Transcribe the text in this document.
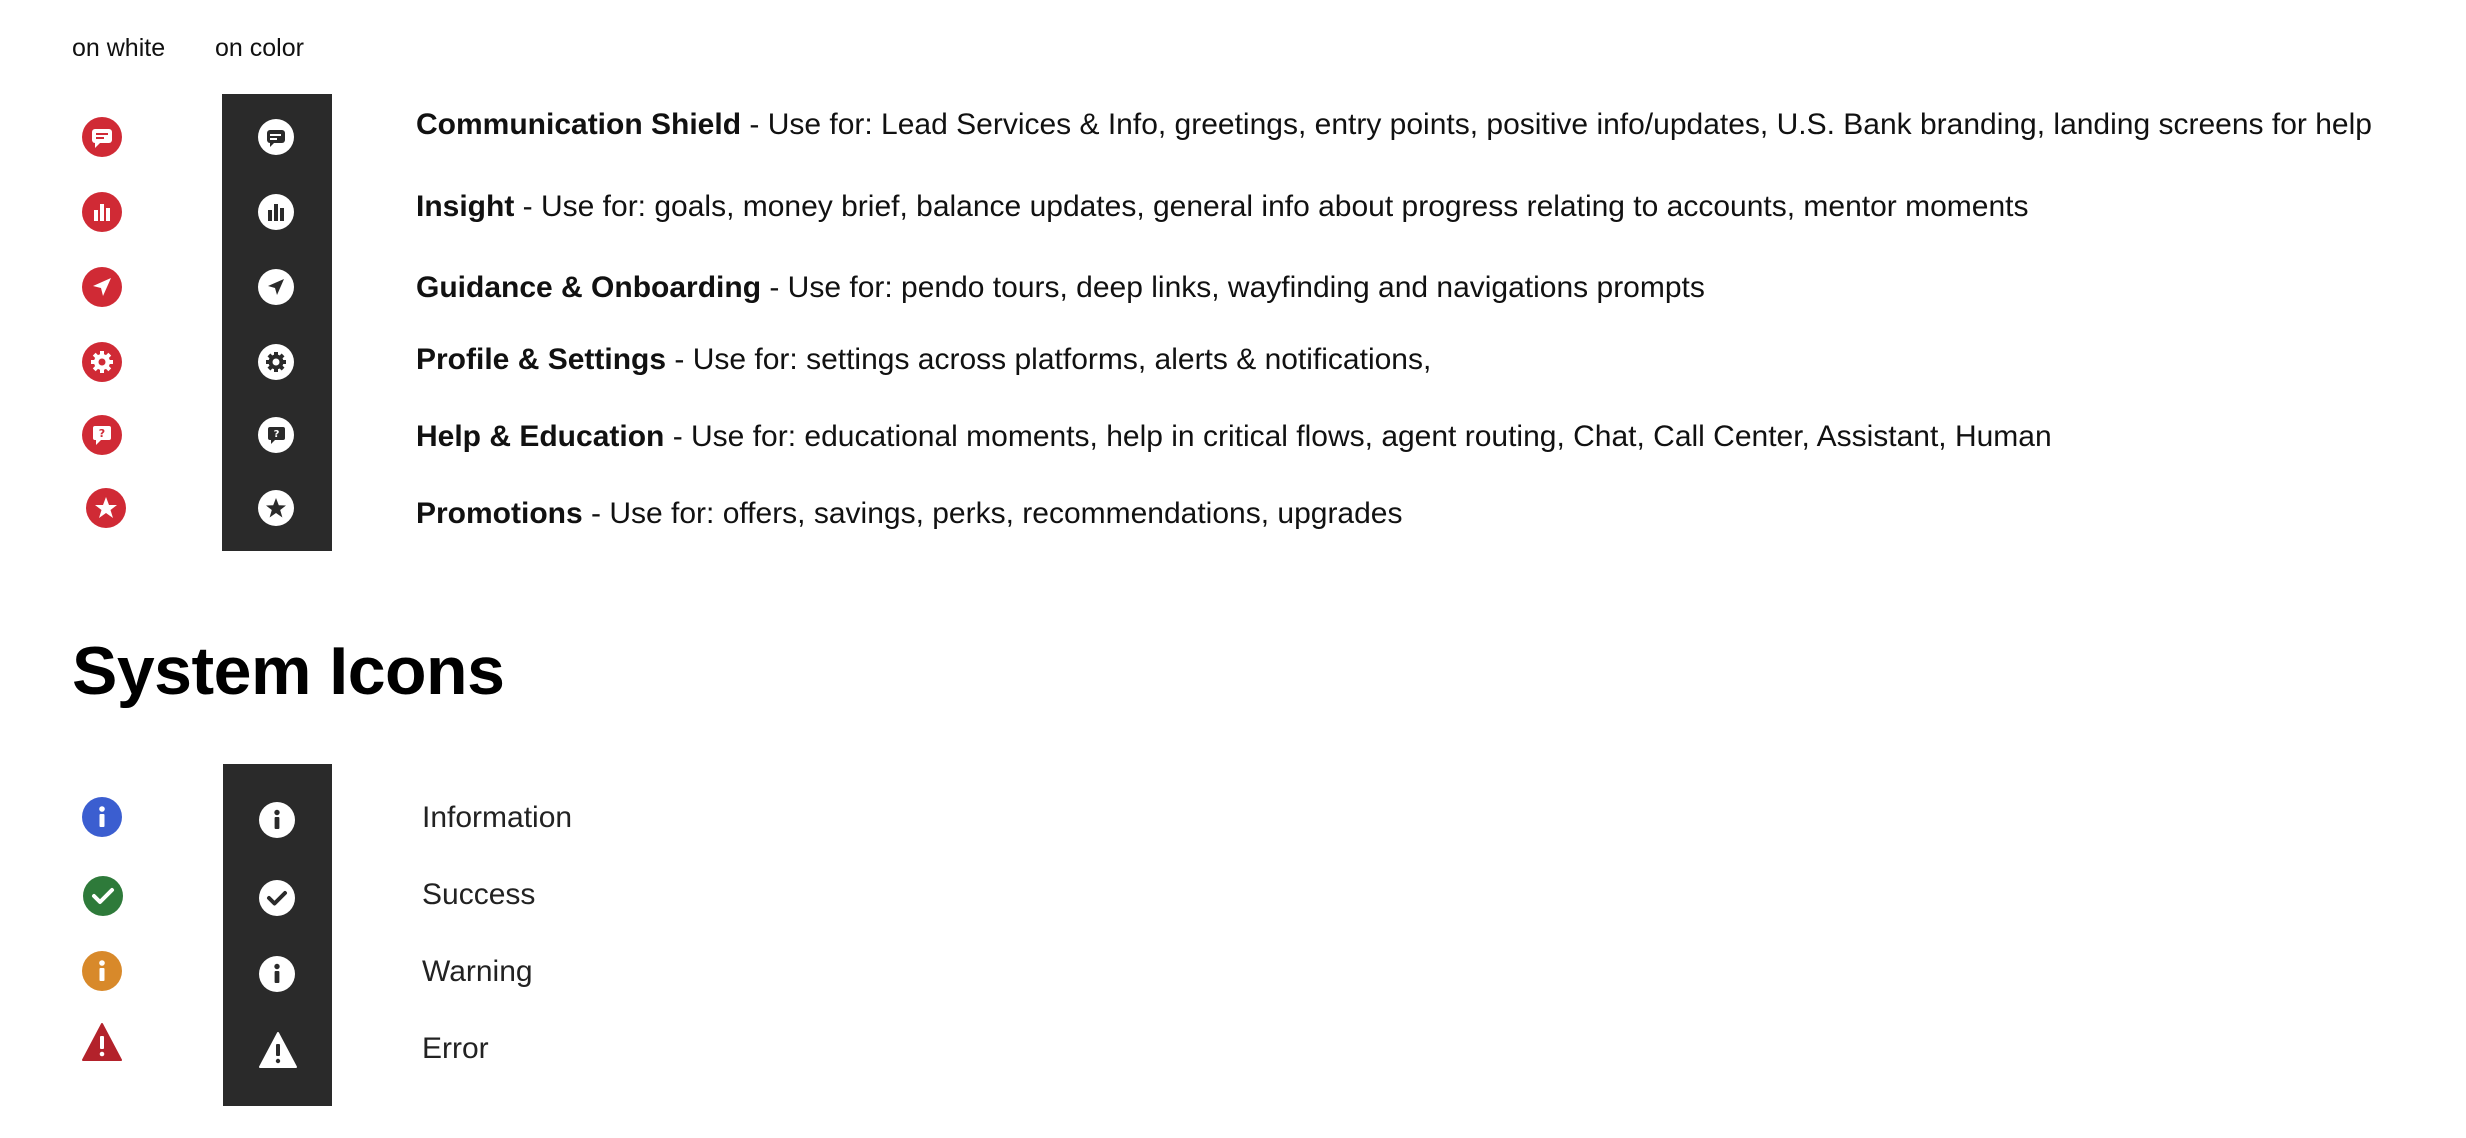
on white on color
Communication Shield - Use for: Lead Services & Info, greetings, entry points, positive info/updates, U.S. Bank branding, landing screens for help
Insight - Use for: goals, money brief, balance updates, general info about progress relating to accounts, mentor moments
Guidance & Onboarding - Use for: pendo tours, deep links, wayfinding and navigations prompts
Profile & Settings - Use for: settings across platforms, alerts & notifications,
?	?	Help & Education - Use for: educational moments, help in critical flows, agent routing, Chat, Call Center, Assistant, Human
Promotions - Use for: offers, savings, perks, recommendations, upgrades
System Icons
Information
Success
Warning
Error
